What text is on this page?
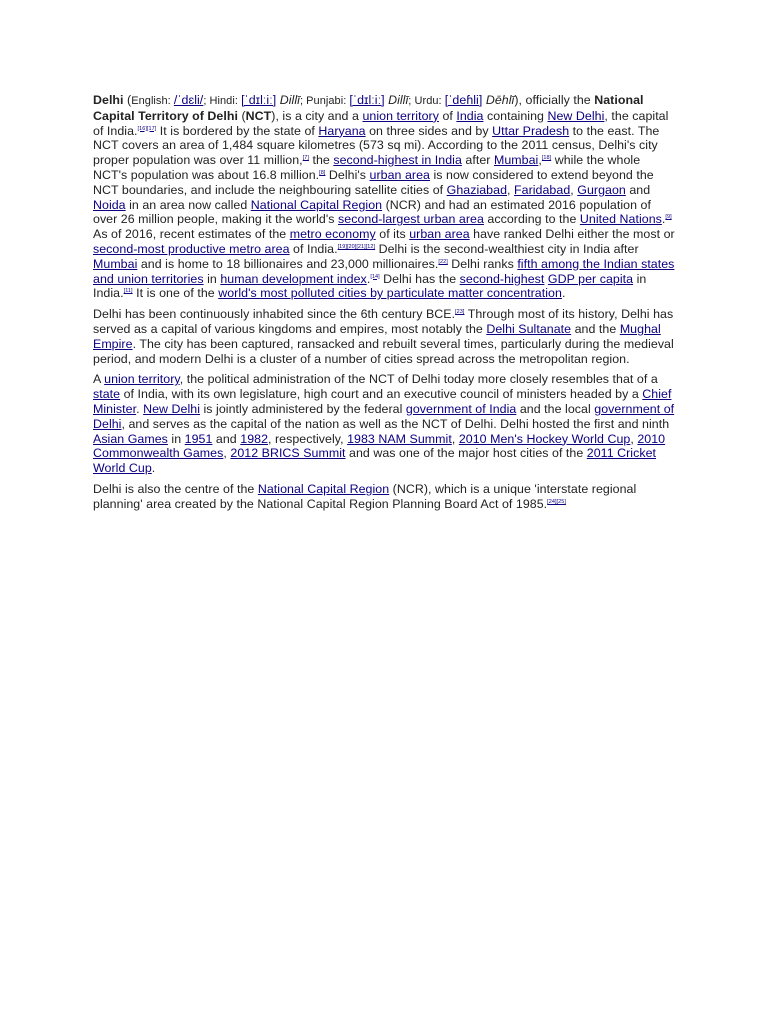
Delhi (English: /ˈdɛli/; Hindi: [ˈdɪlːiː] Dillī; Punjabi: [ˈdɪlːiː] Dillī; Urdu: [ˈdeɦli] Dēhlī), officially the National Capital Territory of Delhi (NCT), is a city and a union territory of India containing New Delhi, the capital of India.[16][17] It is bordered by the state of Haryana on three sides and by Uttar Pradesh to the east. The NCT covers an area of 1,484 square kilometres (573 sq mi). According to the 2011 census, Delhi's city proper population was over 11 million,[7] the second-highest in India after Mumbai,[18] while the whole NCT's population was about 16.8 million.[8] Delhi's urban area is now considered to extend beyond the NCT boundaries, and include the neighbouring satellite cities of Ghaziabad, Faridabad, Gurgaon and Noida in an area now called National Capital Region (NCR) and had an estimated 2016 population of over 26 million people, making it the world's second-largest urban area according to the United Nations.[9] As of 2016, recent estimates of the metro economy of its urban area have ranked Delhi either the most or second-most productive metro area of India.[19][20][21][12] Delhi is the second-wealthiest city in India after Mumbai and is home to 18 billionaires and 23,000 millionaires.[22] Delhi ranks fifth among the Indian states and union territories in human development index.[14] Delhi has the second-highest GDP per capita in India.[11] It is one of the world's most polluted cities by particulate matter concentration.

Delhi has been continuously inhabited since the 6th century BCE.[23] Through most of its history, Delhi has served as a capital of various kingdoms and empires, most notably the Delhi Sultanate and the Mughal Empire. The city has been captured, ransacked and rebuilt several times, particularly during the medieval period, and modern Delhi is a cluster of a number of cities spread across the metropolitan region.

A union territory, the political administration of the NCT of Delhi today more closely resembles that of a state of India, with its own legislature, high court and an executive council of ministers headed by a Chief Minister. New Delhi is jointly administered by the federal government of India and the local government of Delhi, and serves as the capital of the nation as well as the NCT of Delhi. Delhi hosted the first and ninth Asian Games in 1951 and 1982, respectively, 1983 NAM Summit, 2010 Men's Hockey World Cup, 2010 Commonwealth Games, 2012 BRICS Summit and was one of the major host cities of the 2011 Cricket World Cup.

Delhi is also the centre of the National Capital Region (NCR), which is a unique 'interstate regional planning' area created by the National Capital Region Planning Board Act of 1985.[24][25]
